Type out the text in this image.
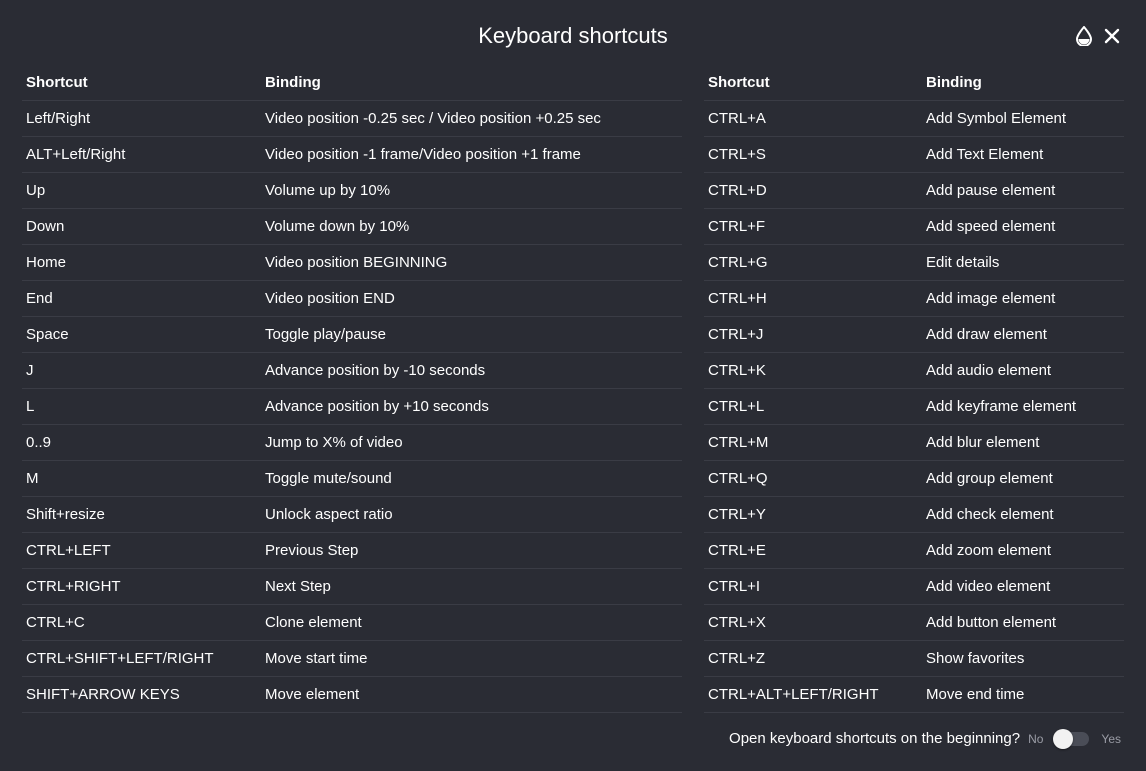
Keyboard shortcuts
Shortcut	Binding
Left/Right	Video position -0.25 sec / Video position +0.25 sec
ALT+Left/Right	Video position -1 frame/Video position +1 frame
Up	Volume up by 10%
Down	Volume down by 10%
Home	Video position BEGINNING
End	Video position END
Space	Toggle play/pause
J	Advance position by -10 seconds
L	Advance position by +10 seconds
0..9	Jump to X% of video
M	Toggle mute/sound
Shift+resize	Unlock aspect ratio
CTRL+LEFT	Previous Step
CTRL+RIGHT	Next Step
CTRL+C	Clone element
CTRL+SHIFT+LEFT/RIGHT	Move start time
SHIFT+ARROW KEYS	Move element
Shortcut	Binding
CTRL+A	Add Symbol Element
CTRL+S	Add Text Element
CTRL+D	Add pause element
CTRL+F	Add speed element
CTRL+G	Edit details
CTRL+H	Add image element
CTRL+J	Add draw element
CTRL+K	Add audio element
CTRL+L	Add keyframe element
CTRL+M	Add blur element
CTRL+Q	Add group element
CTRL+Y	Add check element
CTRL+E	Add zoom element
CTRL+I	Add video element
CTRL+X	Add button element
CTRL+Z	Show favorites
CTRL+ALT+LEFT/RIGHT	Move end time
Open keyboard shortcuts on the beginning? No	Yes
